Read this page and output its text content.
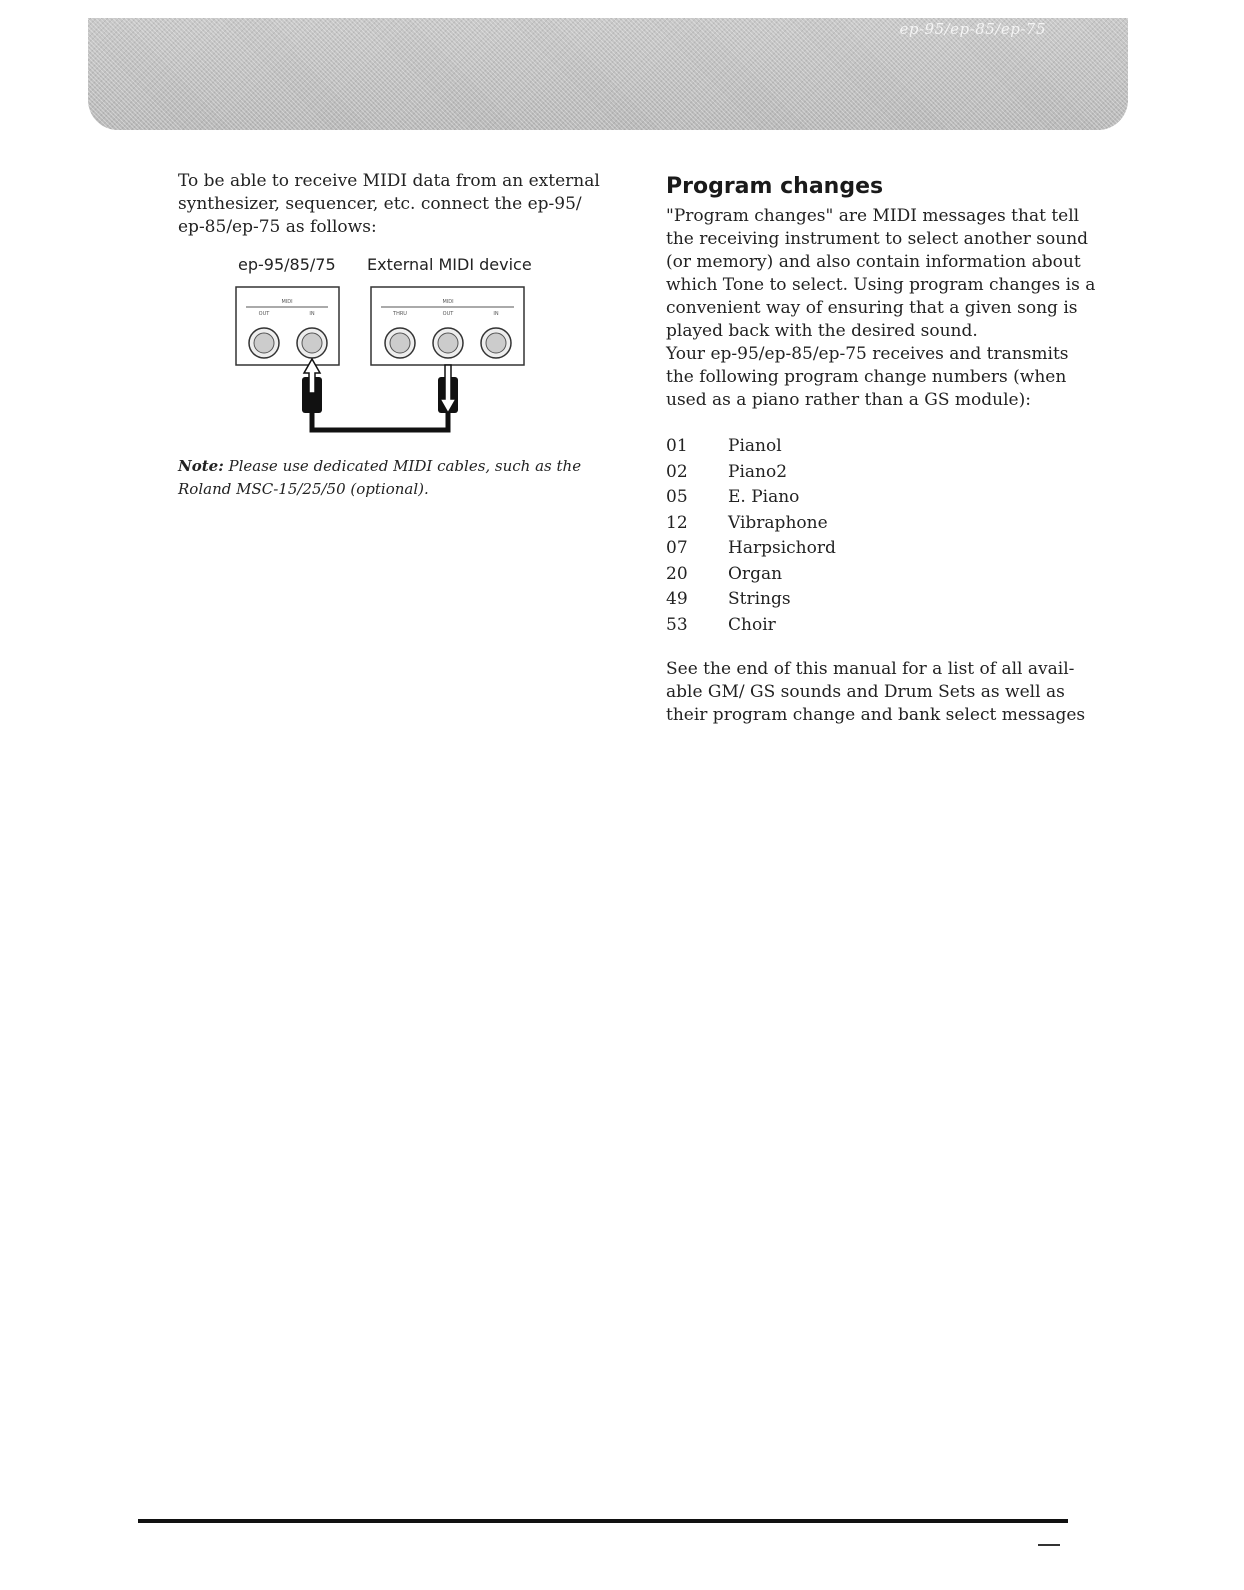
ep-95/ep-85/ep-75

To be able to receive MIDI data from an external synthesizer, sequencer, etc. connect the ep-95/ ep-85/ep-75 as follows:

ep-95/85/75 External MIDI device
MIDI
OUT	IN
MIDI
THRU	OUT	IN
Note: Please use dedicated MIDI cables, such as the Roland MSC-15/25/50 (optional).
Program changes

"Program changes" are MIDI messages that tell the receiving instrument to select another sound (or memory) and also contain information about which Tone to select. Using program changes is a convenient way of ensuring that a given song is played back with the desired sound.

Your ep-95/ep-85/ep-75 receives and transmits the following program change numbers (when used as a piano rather than a GS module):

01	Pianol
02	Piano2
05	E. Piano
12	Vibraphone
07	Harpsichord
20	Organ
49	Strings
53	Choir

See the end of this manual for a list of all avail-able GM/ GS sounds and Drum Sets as well as their program change and bank select messages
